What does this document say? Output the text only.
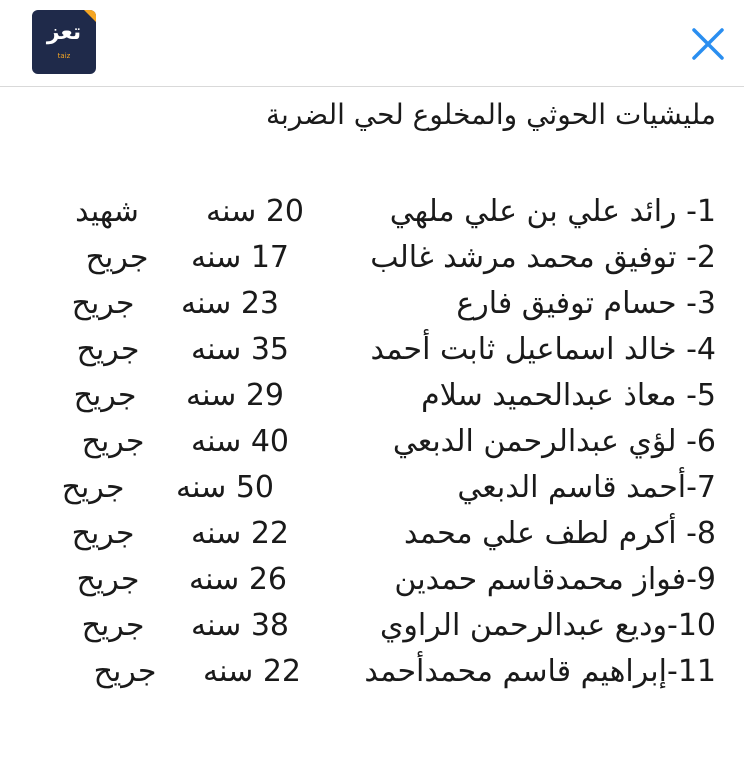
تعز
taiz
مليشيات الحوثي والمخلوع لحي الضربة
1- رائد علي بن علي ملهي
20 سنه
شهيد
2- توفيق محمد مرشد غالب
17 سنه
جريح
3- حسام توفيق فارع
23 سنه
جريح
4- خالد اسماعيل ثابت أحمد
35 سنه
جريح
5- معاذ عبدالحميد سلام
29 سنه
جريح
6- لؤي عبدالرحمن الدبعي
40 سنه
جريح
7-أحمد قاسم الدبعي
50 سنه
جريح
8- أكرم لطف علي محمد
22 سنه
جريح
9-فواز محمدقاسم حمدين
26 سنه
جريح
10-وديع عبدالرحمن الراوي
38 سنه
جريح
11-إبراهيم قاسم محمدأحمد
22 سنه
جريح
